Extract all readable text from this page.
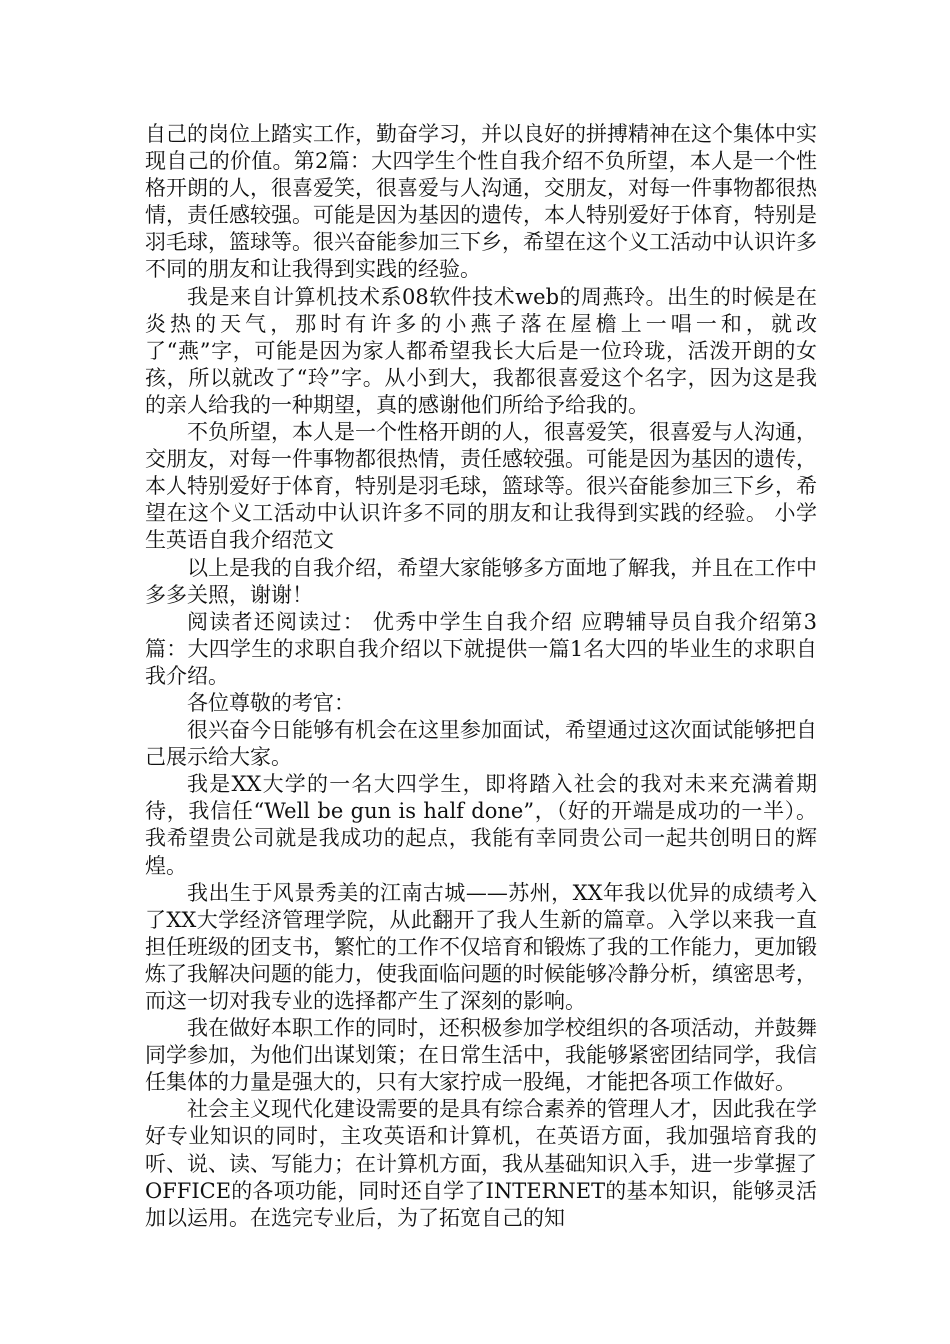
自己的岗位上踏实工作，勤奋学习，并以良好的拼搏精神在这个集体中实现自己的价值。第2篇：大四学生个性自我介绍不负所望，本人是一个性格开朗的人，很喜爱笑，很喜爱与人沟通，交朋友，对每一件事物都很热情，责任感较强。可能是因为基因的遗传，本人特别爱好于体育，特别是羽毛球，篮球等。很兴奋能参加三下乡，希望在这个义工活动中认识许多不同的朋友和让我得到实践的经验。

我是来自计算机技术系08软件技术web的周燕玲。出生的时候是在炎热的天气，那时有许多的小燕子落在屋檐上一唱一和，就改了“燕”字，可能是因为家人都希望我长大后是一位玲珑，活泼开朗的女孩，所以就改了“玲”字。从小到大，我都很喜爱这个名字，因为这是我的亲人给我的一种期望，真的感谢他们所给予给我的。

不负所望，本人是一个性格开朗的人，很喜爱笑，很喜爱与人沟通，交朋友，对每一件事物都很热情，责任感较强。可能是因为基因的遗传，本人特别爱好于体育，特别是羽毛球，篮球等。很兴奋能参加三下乡，希望在这个义工活动中认识许多不同的朋友和让我得到实践的经验。 小学生英语自我介绍范文

以上是我的自我介绍，希望大家能够多方面地了解我，并且在工作中多多关照，谢谢！

阅读者还阅读过： 优秀中学生自我介绍 应聘辅导员自我介绍第3篇：大四学生的求职自我介绍以下就提供一篇1名大四的毕业生的求职自我介绍。

各位尊敬的考官：

很兴奋今日能够有机会在这里参加面试，希望通过这次面试能够把自己展示给大家。

我是XX大学的一名大四学生，即将踏入社会的我对未来充满着期待，我信任“Well be gun is half done”，（好的开端是成功的一半）。我希望贵公司就是我成功的起点，我能有幸同贵公司一起共创明日的辉煌。

我出生于风景秀美的江南古城——苏州，XX年我以优异的成绩考入了XX大学经济管理学院，从此翻开了我人生新的篇章。入学以来我一直担任班级的团支书，繁忙的工作不仅培育和锻炼了我的工作能力，更加锻炼了我解决问题的能力，使我面临问题的时候能够冷静分析，缜密思考，而这一切对我专业的选择都产生了深刻的影响。

我在做好本职工作的同时，还积极参加学校组织的各项活动，并鼓舞同学参加，为他们出谋划策；在日常生活中，我能够紧密团结同学，我信任集体的力量是强大的，只有大家拧成一股绳，才能把各项工作做好。

社会主义现代化建设需要的是具有综合素养的管理人才，因此我在学好专业知识的同时，主攻英语和计算机，在英语方面，我加强培育我的听、说、读、写能力；在计算机方面，我从基础知识入手，进一步掌握了OFFICE的各项功能，同时还自学了INTERNET的基本知识，能够灵活加以运用。在选完专业后，为了拓宽自己的知
